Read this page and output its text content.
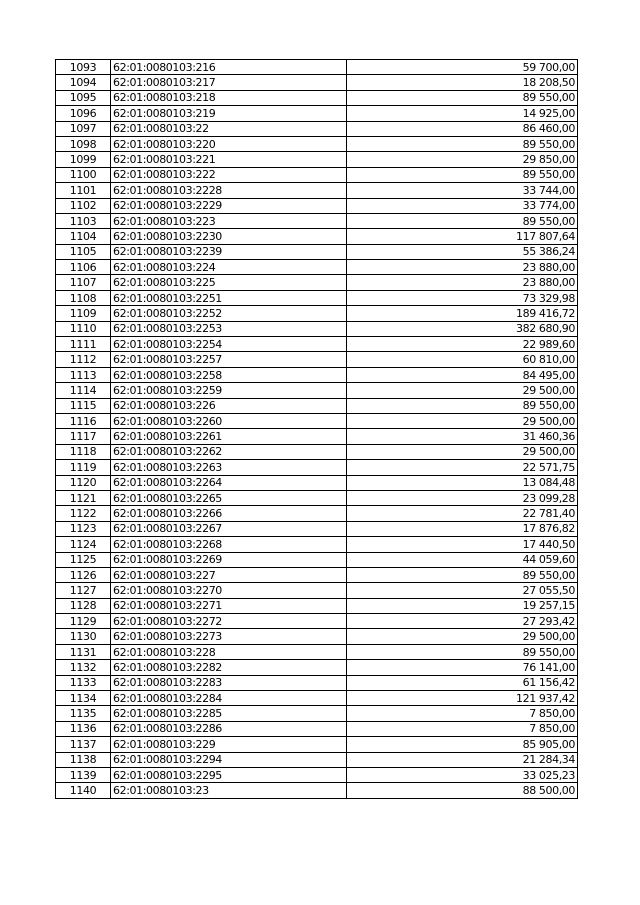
1093	62:01:0080103:216	59 700,00
1094	62:01:0080103:217	18 208,50
1095	62:01:0080103:218	89 550,00
1096	62:01:0080103:219	14 925,00
1097	62:01:0080103:22	86 460,00
1098	62:01:0080103:220	89 550,00
1099	62:01:0080103:221	29 850,00
1100	62:01:0080103:222	89 550,00
1101	62:01:0080103:2228	33 744,00
1102	62:01:0080103:2229	33 774,00
1103	62:01:0080103:223	89 550,00
1104	62:01:0080103:2230	117 807,64
1105	62:01:0080103:2239	55 386,24
1106	62:01:0080103:224	23 880,00
1107	62:01:0080103:225	23 880,00
1108	62:01:0080103:2251	73 329,98
1109	62:01:0080103:2252	189 416,72
1110	62:01:0080103:2253	382 680,90
1111	62:01:0080103:2254	22 989,60
1112	62:01:0080103:2257	60 810,00
1113	62:01:0080103:2258	84 495,00
1114	62:01:0080103:2259	29 500,00
1115	62:01:0080103:226	89 550,00
1116	62:01:0080103:2260	29 500,00
1117	62:01:0080103:2261	31 460,36
1118	62:01:0080103:2262	29 500,00
1119	62:01:0080103:2263	22 571,75
1120	62:01:0080103:2264	13 084,48
1121	62:01:0080103:2265	23 099,28
1122	62:01:0080103:2266	22 781,40
1123	62:01:0080103:2267	17 876,82
1124	62:01:0080103:2268	17 440,50
1125	62:01:0080103:2269	44 059,60
1126	62:01:0080103:227	89 550,00
1127	62:01:0080103:2270	27 055,50
1128	62:01:0080103:2271	19 257,15
1129	62:01:0080103:2272	27 293,42
1130	62:01:0080103:2273	29 500,00
1131	62:01:0080103:228	89 550,00
1132	62:01:0080103:2282	76 141,00
1133	62:01:0080103:2283	61 156,42
1134	62:01:0080103:2284	121 937,42
1135	62:01:0080103:2285	7 850,00
1136	62:01:0080103:2286	7 850,00
1137	62:01:0080103:229	85 905,00
1138	62:01:0080103:2294	21 284,34
1139	62:01:0080103:2295	33 025,23
1140	62:01:0080103:23	88 500,00
